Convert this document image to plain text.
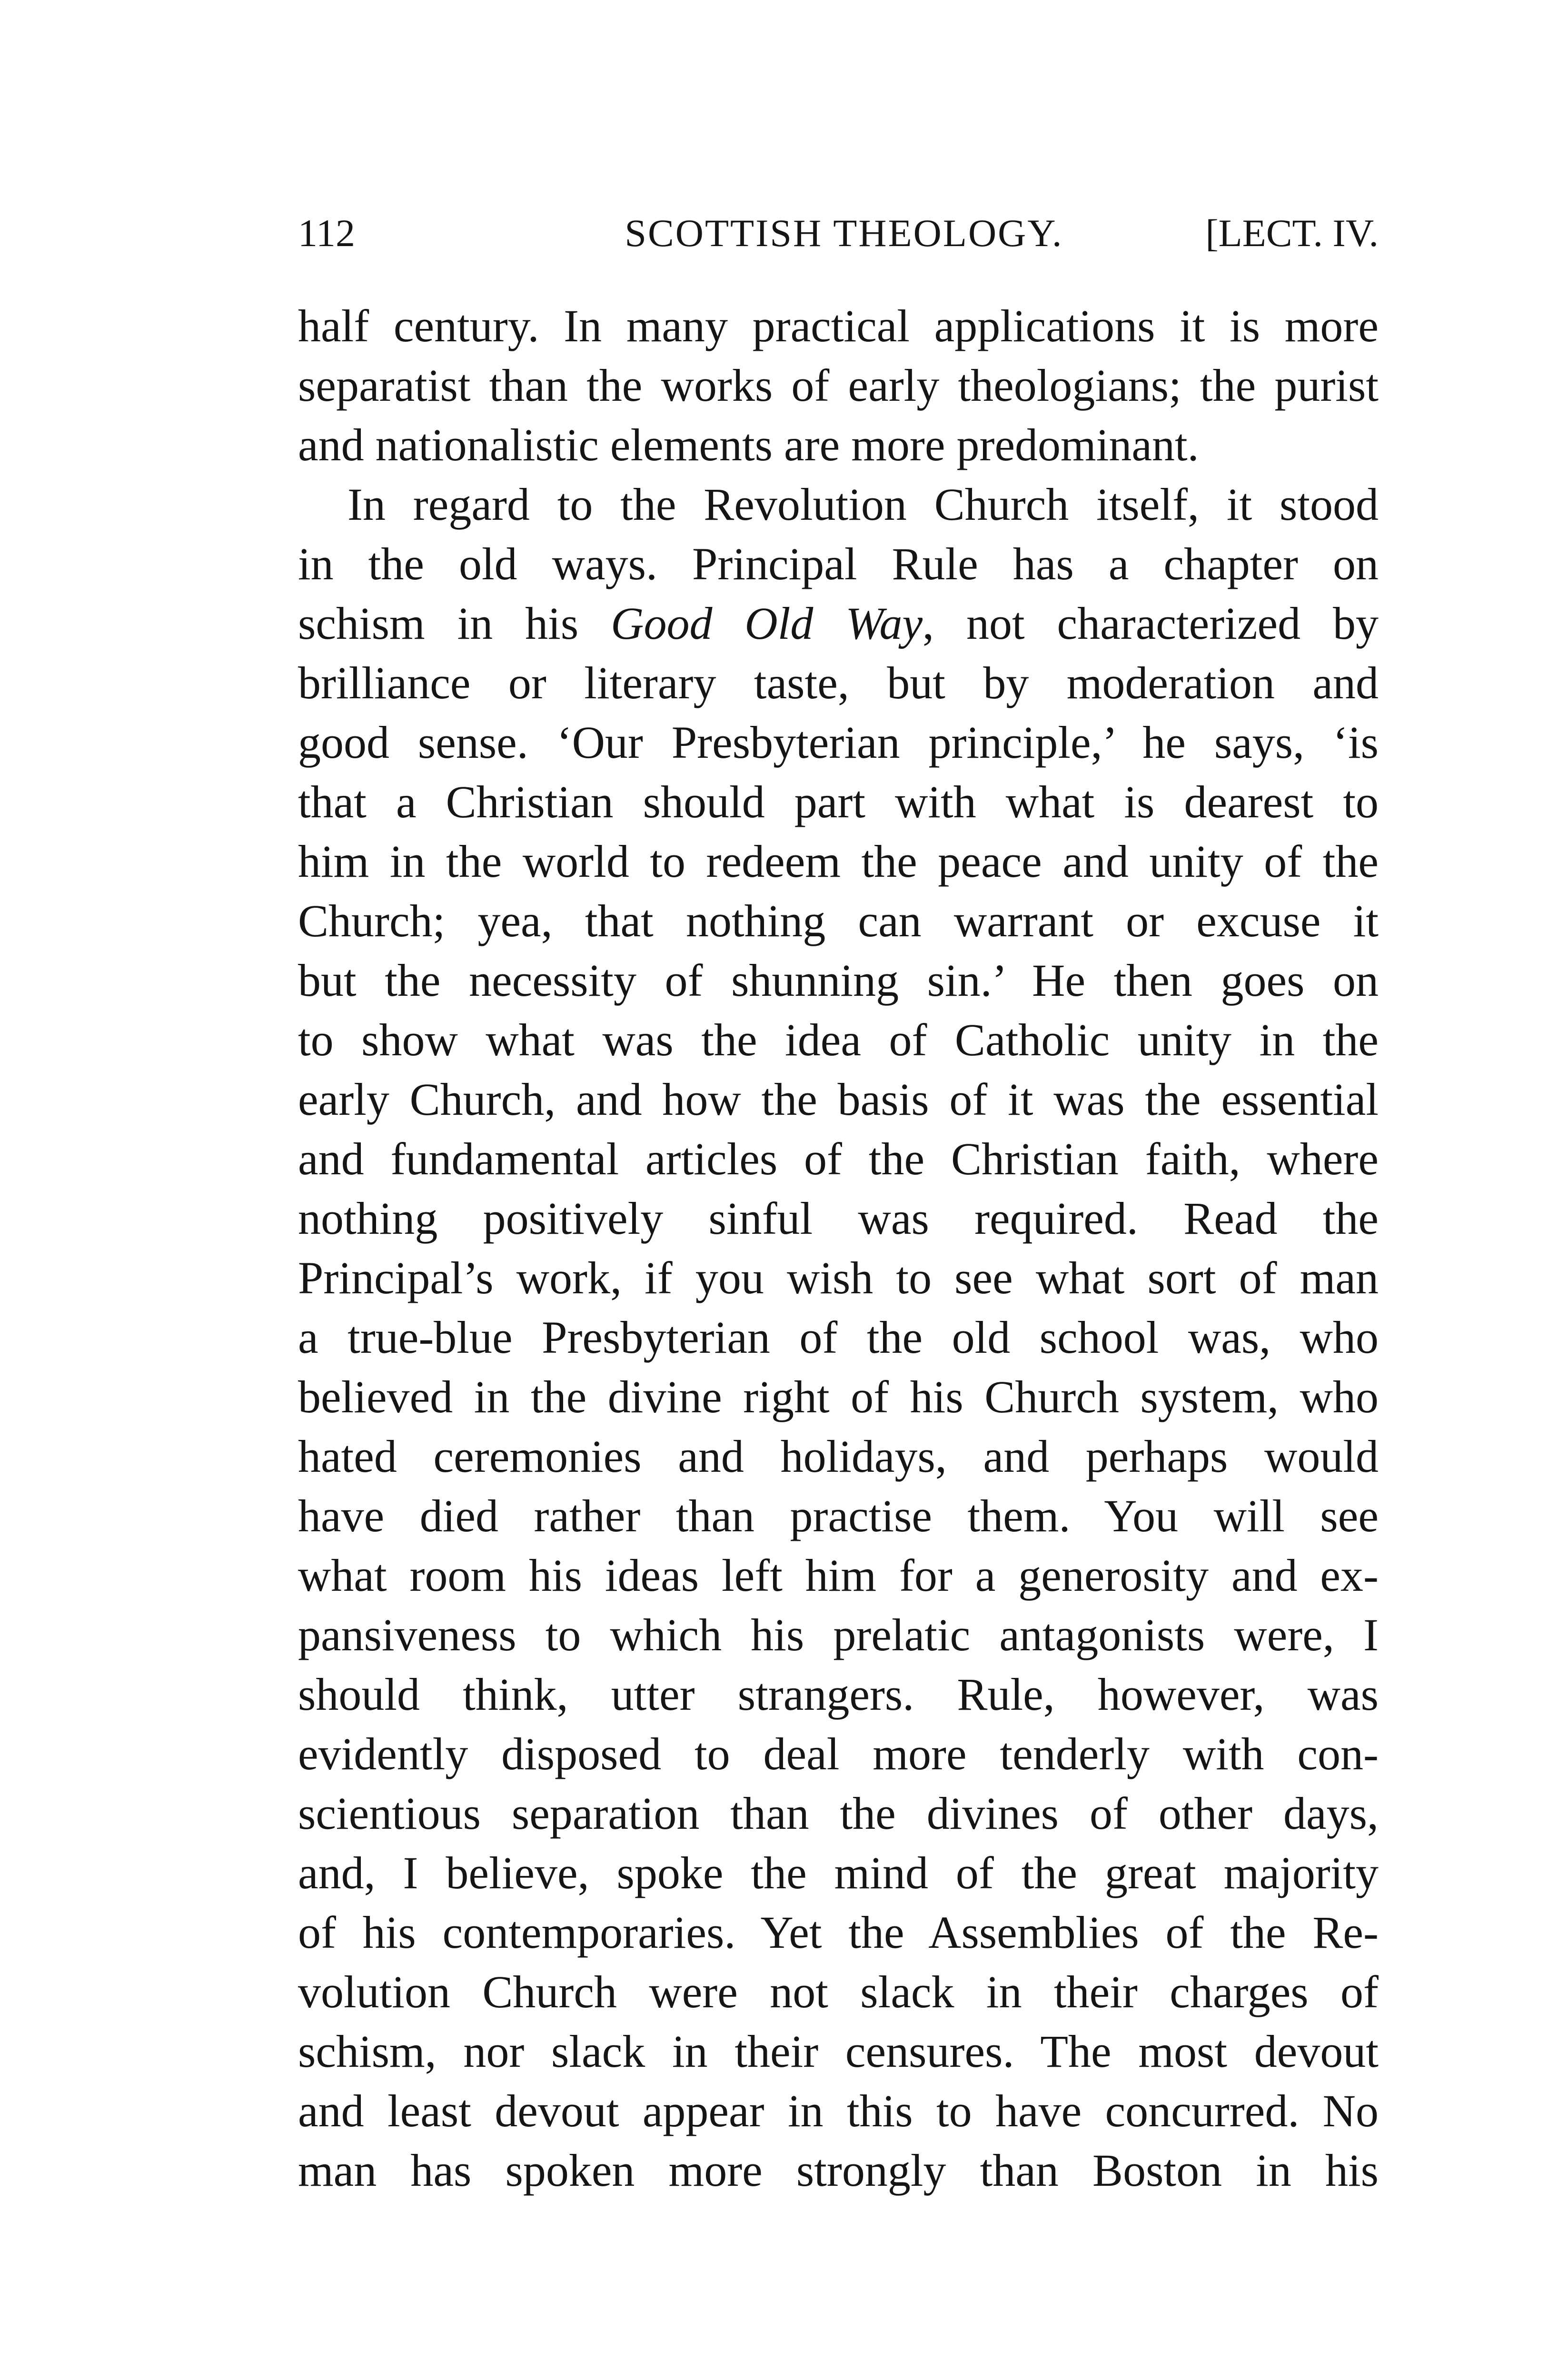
112	SCOTTISH THEOLOGY.	[LECT. IV.
half century. In many practical applications it is more
separatist than the works of early theologians; the purist
and nationalistic elements are more predominant.
In regard to the Revolution Church itself, it stood
in the old ways. Principal Rule has a chapter on
schism in his Good Old Way, not characterized by
brilliance or literary taste, but by moderation and
good sense. ‘Our Presbyterian principle,’ he says, ‘is
that a Christian should part with what is dearest to
him in the world to redeem the peace and unity of the
Church; yea, that nothing can warrant or excuse it
but the necessity of shunning sin.’ He then goes on
to show what was the idea of Catholic unity in the
early Church, and how the basis of it was the essential
and fundamental articles of the Christian faith, where
nothing positively sinful was required. Read the
Principal’s work, if you wish to see what sort of man
a true-blue Presbyterian of the old school was, who
believed in the divine right of his Church system, who
hated ceremonies and holidays, and perhaps would
have died rather than practise them. You will see
what room his ideas left him for a generosity and ex-
pansiveness to which his prelatic antagonists were, I
should think, utter strangers. Rule, however, was
evidently disposed to deal more tenderly with con-
scientious separation than the divines of other days,
and, I believe, spoke the mind of the great majority
of his contemporaries. Yet the Assemblies of the Re-
volution Church were not slack in their charges of
schism, nor slack in their censures. The most devout
and least devout appear in this to have concurred. No
man has spoken more strongly than Boston in his
